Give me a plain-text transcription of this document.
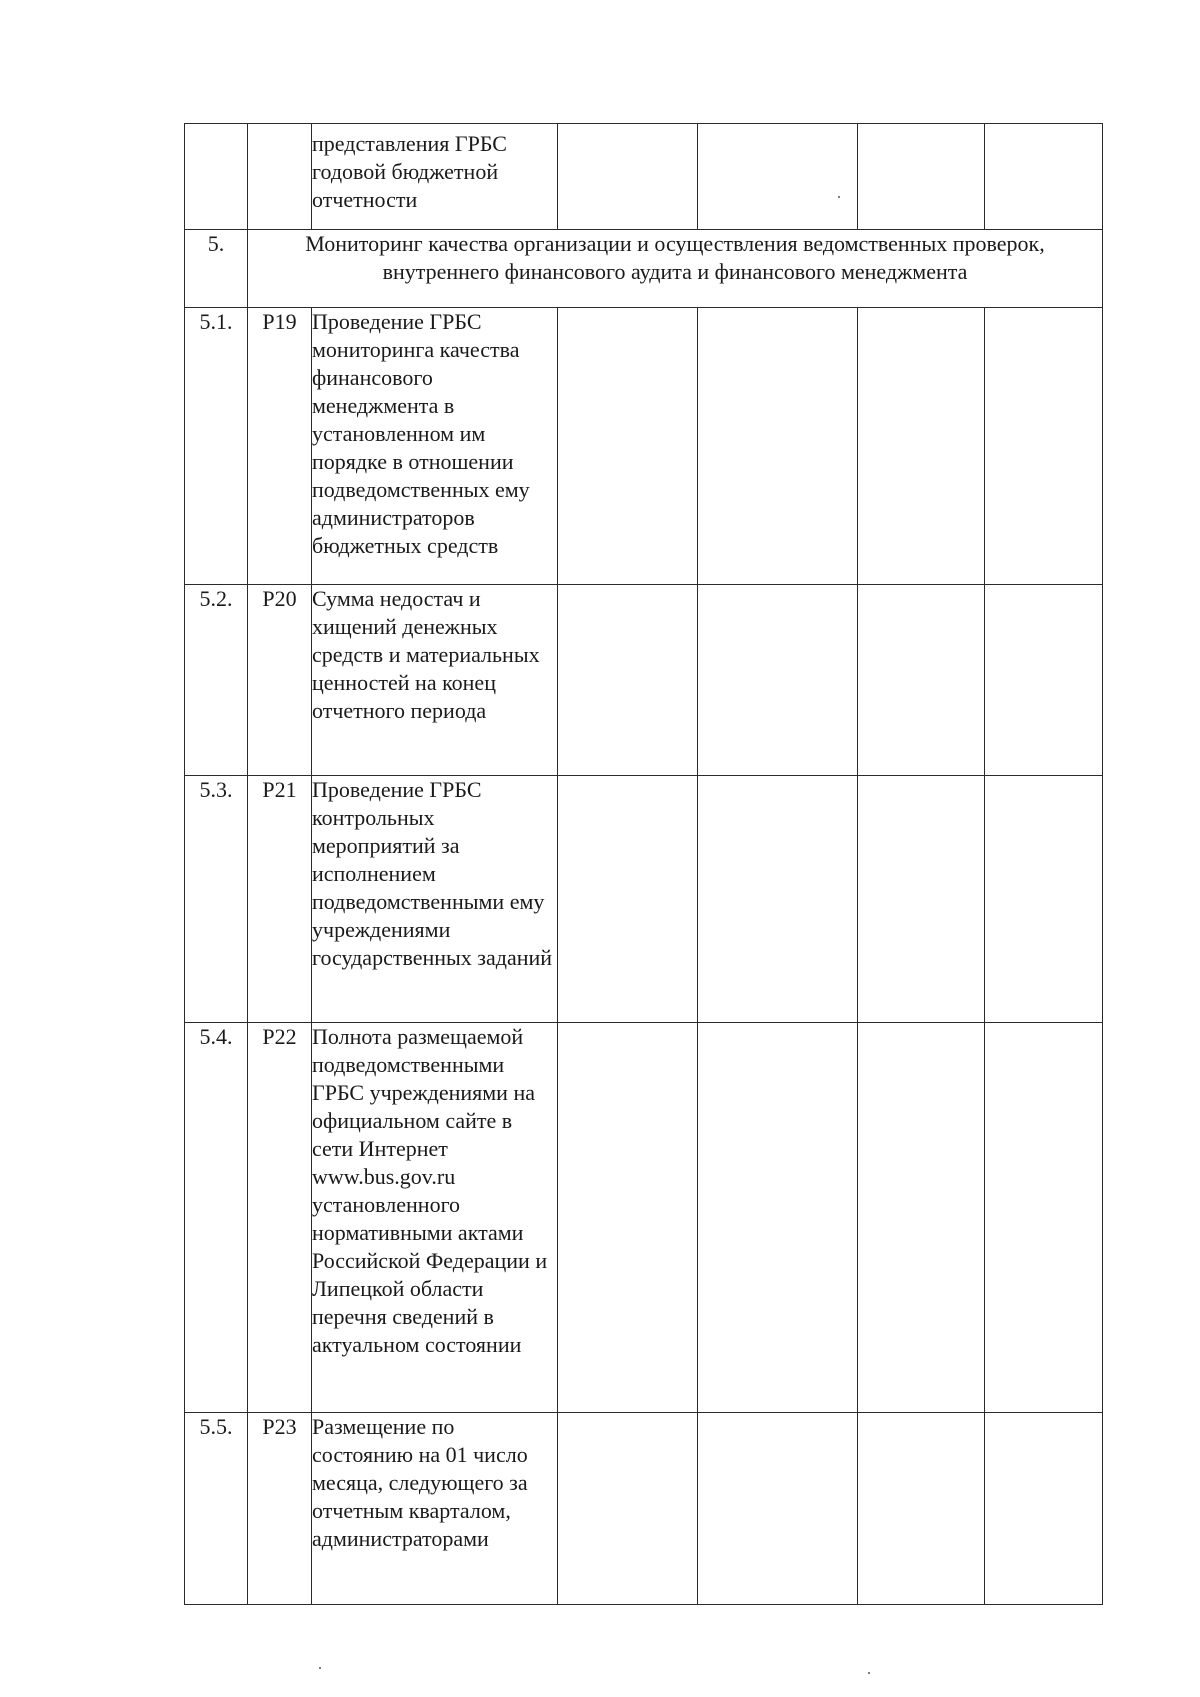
		представления ГРБС годовой бюджетной отчетности				
5.	Мониторинг качества организации и осуществления ведомственных проверок, внутреннего финансового аудита и финансового менеджмента					
5.1.	Р19	Проведение ГРБС мониторинга качества финансового менеджмента в установленном им порядке в отношении подведомственных ему администраторов бюджетных средств				
5.2.	Р20	Сумма недостач и хищений денежных средств и материальных ценностей на конец отчетного периода				
5.3.	Р21	Проведение ГРБС контрольных мероприятий за исполнением подведомственными ему учреждениями государственных заданий				
5.4.	Р22	Полнота размещаемой подведомственными ГРБС учреждениями на официальном сайте в сети Интернет www.bus.gov.ru установленного нормативными актами Российской Федерации и Липецкой области перечня сведений в актуальном состоянии				
5.5.	Р23	Размещение по состоянию на 01 число месяца, следующего за отчетным кварталом, администраторами				
